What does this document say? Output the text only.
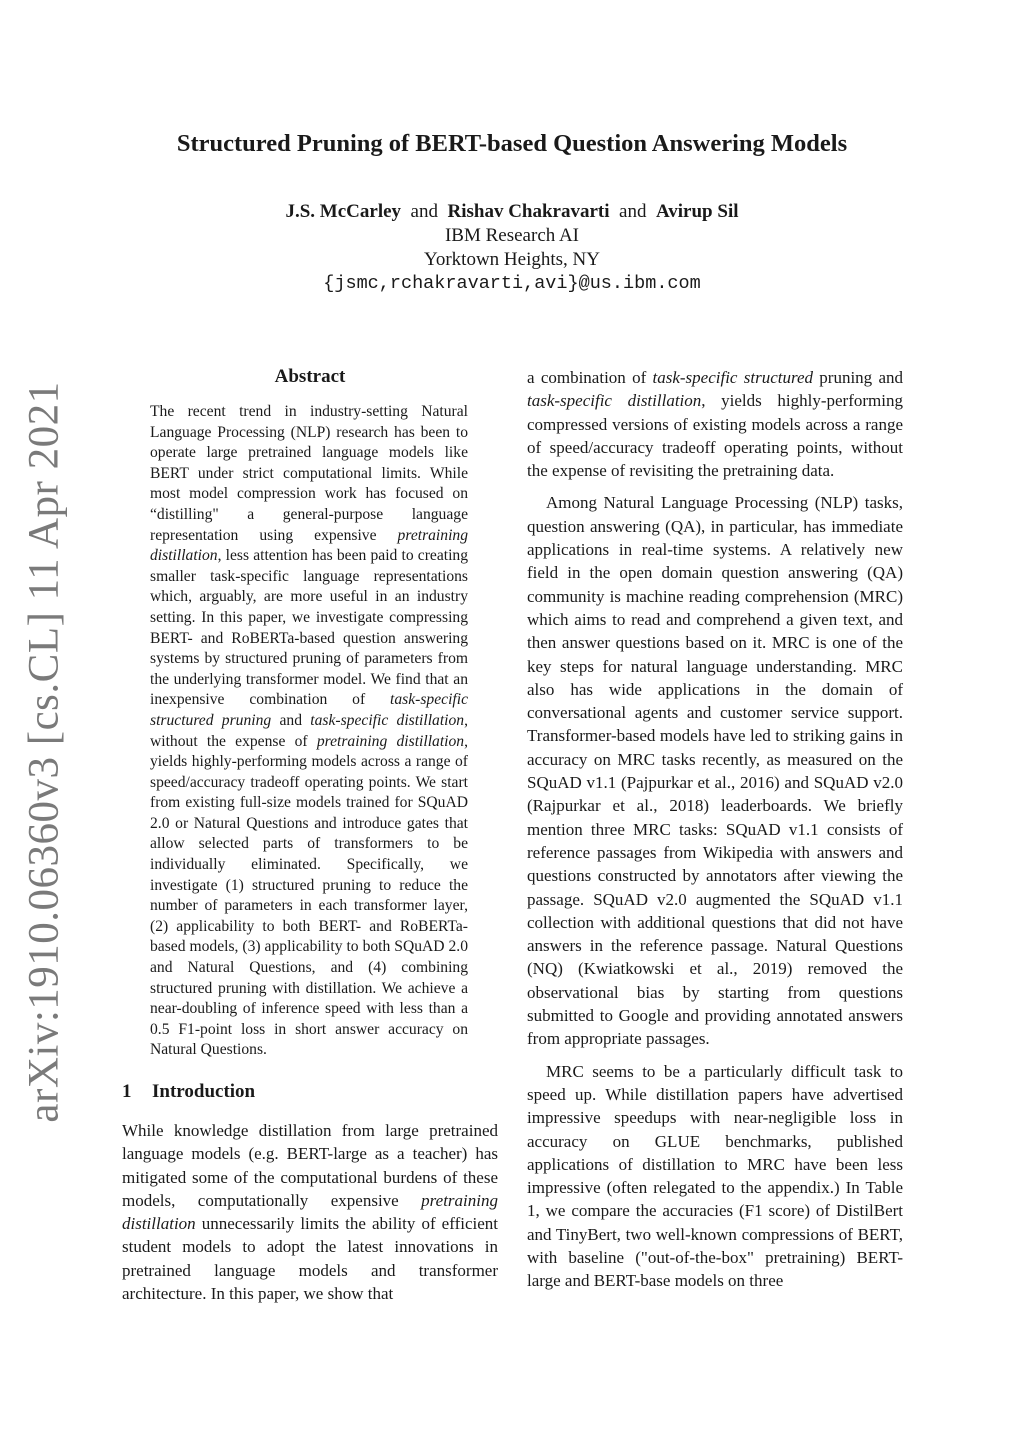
arXiv:1910.06360v3 [cs.CL] 11 Apr 2021
Structured Pruning of BERT-based Question Answering Models
J.S. McCarley and Rishav Chakravarti and Avirup Sil
IBM Research AI
Yorktown Heights, NY
{jsmc,rchakravarti,avi}@us.ibm.com
Abstract

The recent trend in industry-setting Natural Language Processing (NLP) research has been to operate large pretrained language models like BERT under strict computational limits. While most model compression work has focused on “distilling" a general-purpose language representation using expensive pretraining distillation, less attention has been paid to creating smaller task-specific language representations which, arguably, are more useful in an industry setting. In this paper, we investigate compressing BERT- and RoBERTa-based question answering systems by structured pruning of parameters from the underlying transformer model. We find that an inexpensive combination of task-specific structured pruning and task-specific distillation, without the expense of pretraining distillation, yields highly-performing models across a range of speed/accuracy tradeoff operating points. We start from existing full-size models trained for SQuAD 2.0 or Natural Questions and introduce gates that allow selected parts of transformers to be individually eliminated. Specifically, we investigate (1) structured pruning to reduce the number of parameters in each transformer layer, (2) applicability to both BERT- and RoBERTa-based models, (3) applicability to both SQuAD 2.0 and Natural Questions, and (4) combining structured pruning with distillation. We achieve a near-doubling of inference speed with less than a 0.5 F1-point loss in short answer accuracy on Natural Questions.

1 Introduction

While knowledge distillation from large pretrained language models (e.g. BERT-large as a teacher) has mitigated some of the computational burdens of these models, computationally expensive pretraining distillation unnecessarily limits the ability of efficient student models to adopt the latest innovations in pretrained language models and transformer architecture. In this paper, we show that

a combination of task-specific structured pruning and task-specific distillation, yields highly-performing compressed versions of existing models across a range of speed/accuracy tradeoff operating points, without the expense of revisiting the pretraining data.

Among Natural Language Processing (NLP) tasks, question answering (QA), in particular, has immediate applications in real-time systems. A relatively new field in the open domain question answering (QA) community is machine reading comprehension (MRC) which aims to read and comprehend a given text, and then answer questions based on it. MRC is one of the key steps for natural language understanding. MRC also has wide applications in the domain of conversational agents and customer service support. Transformer-based models have led to striking gains in accuracy on MRC tasks recently, as measured on the SQuAD v1.1 (Pajpurkar et al., 2016) and SQuAD v2.0 (Rajpurkar et al., 2018) leaderboards. We briefly mention three MRC tasks: SQuAD v1.1 consists of reference passages from Wikipedia with answers and questions constructed by annotators after viewing the passage. SQuAD v2.0 augmented the SQuAD v1.1 collection with additional questions that did not have answers in the reference passage. Natural Questions (NQ) (Kwiatkowski et al., 2019) removed the observational bias by starting from questions submitted to Google and providing annotated answers from appropriate passages.

MRC seems to be a particularly difficult task to speed up. While distillation papers have advertised impressive speedups with near-negligible loss in accuracy on GLUE benchmarks, published applications of distillation to MRC have been less impressive (often relegated to the appendix.) In Table 1, we compare the accuracies (F1 score) of DistilBert and TinyBert, two well-known compressions of BERT, with baseline ("out-of-the-box" pretraining) BERT-large and BERT-base models on three
